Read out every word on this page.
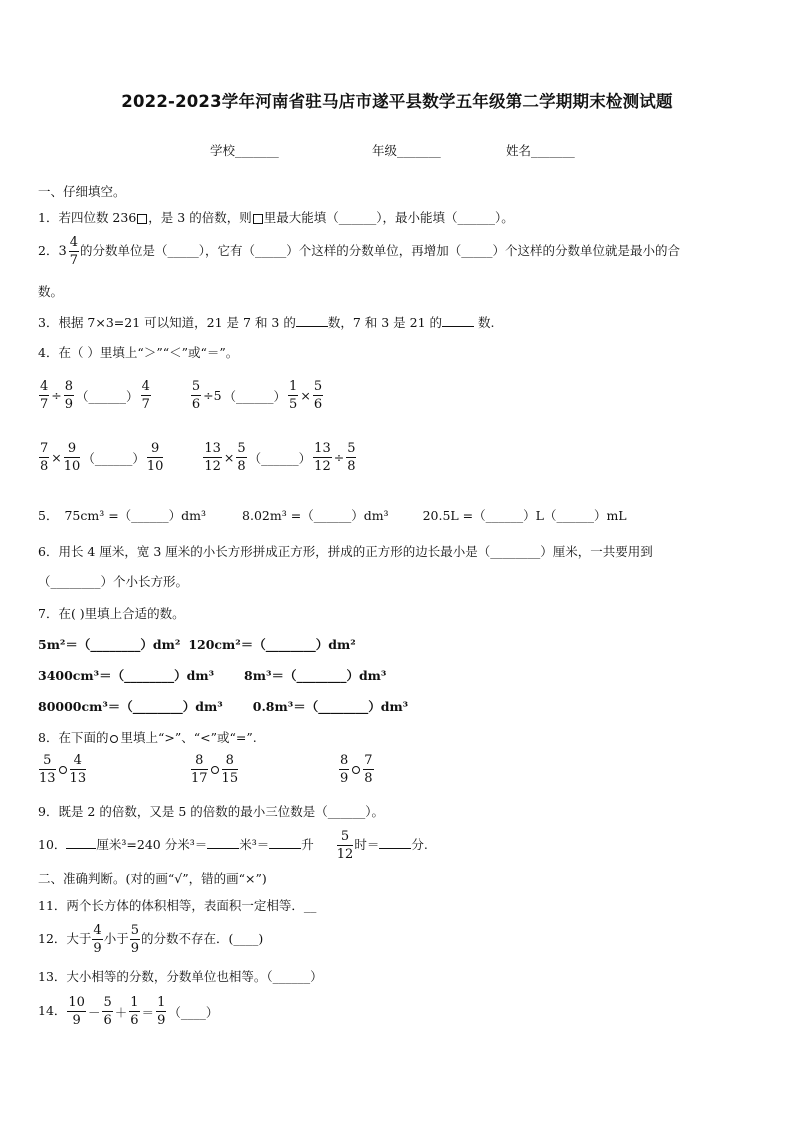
2022-2023学年河南省驻马店市遂平县数学五年级第二学期期末检测试题
学校_______	年级_______	姓名_______
一、仔细填空。
1．若四位数 236 ，是 3 的倍数，则 里最大能填（______），最小能填（______）。
2． $3 \frac{4}{7}$ 的分数单位是（_____），它有（_____）个这样的分数单位，再增加（_____）个这样的分数单位就是最小的合
数。
3．根据 7×3=21 可以知道，21 是 7 和 3 的	数，7 和 3 是 21 的	数.
4．在（ ）里填上“＞”“＜”或“＝”。
$\frac{4}{7} \div \frac{8}{9}$ （______） $\frac{4}{7}$
	$\frac{5}{6} \div 5$ （______） $\frac{1}{5} \times \frac{5}{6}$
$\frac{7}{8} \times \frac{9}{10}$ （______） $\frac{9}{10}$
	$\frac{13}{12} \times \frac{5}{8}$ （______） $\frac{13}{12} \div \frac{5}{8}$
5． 75cm³ =（______）dm³	8.02m³ =（______）dm³	20.5L =（______）L（______）mL
6．用长 4 厘米，宽 3 厘米的小长方形拼成正方形，拼成的正方形的边长最小是（________）厘米，一共要用到
（________）个小长方形。
7．在( )里填上合适的数。
5m²＝（________）dm² 120cm²＝（________）dm²
3400cm³＝（________）dm³ 8m³＝（________）dm³
80000cm³＝（________）dm³ 0.8m³＝（________）dm³
8．在下面的 里填上“>”、“<”或“=”.
$\frac{5}{13} \frac{4}{13}$	$\frac{8}{17} \frac{8}{15}$	$\frac{8}{9} \frac{7}{8}$
9．既是 2 的倍数，又是 5 的倍数的最小三位数是（______）。
10． 厘米³=240 分米³＝	米³＝	升 $\frac{5}{12}$ 时＝	分.
二、准确判断。(对的画“√”，错的画“×”)
11．两个长方体的体积相等，表面积一定相等．__
12．大于 $\frac{4}{9}$ 小于 $\frac{5}{9}$ 的分数不存在．(____)
13．大小相等的分数，分数单位也相等。（______）
14． $\frac{10}{9} - \frac{5}{6} + \frac{1}{6} = \frac{1}{9}$ （____）
